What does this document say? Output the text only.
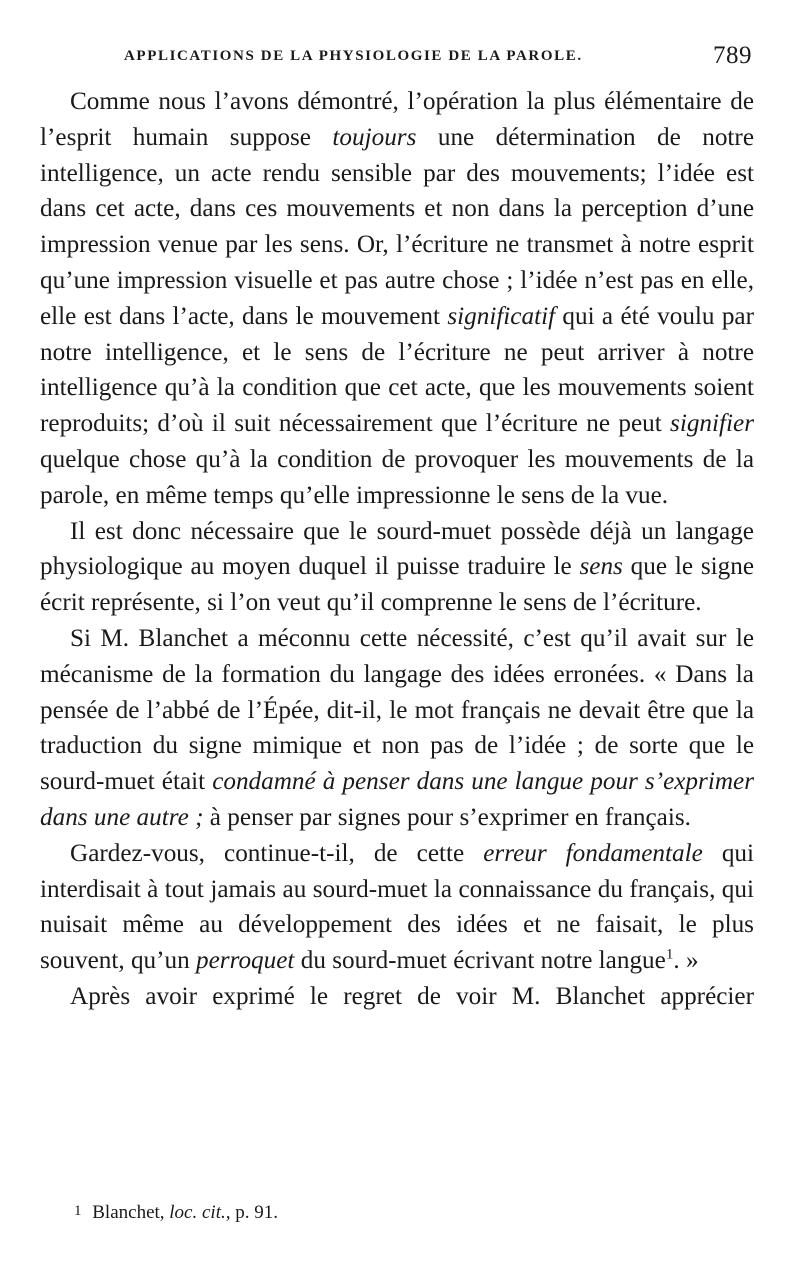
APPLICATIONS DE LA PHYSIOLOGIE DE LA PAROLE.	789

Comme nous l’avons démontré, l’opération la plus élémentaire de l’esprit humain suppose toujours une détermination de notre intelligence, un acte rendu sensible par des mouvements; l’idée est dans cet acte, dans ces mouvements et non dans la perception d’une impression venue par les sens. Or, l’écriture ne transmet à notre esprit qu’une impression visuelle et pas autre chose ; l’idée n’est pas en elle, elle est dans l’acte, dans le mouvement significatif qui a été voulu par notre intelligence, et le sens de l’écriture ne peut arriver à notre intelligence qu’à la condition que cet acte, que les mouvements soient reproduits; d’où il suit nécessairement que l’écriture ne peut signifier quelque chose qu’à la condition de provoquer les mouvements de la parole, en même temps qu’elle impressionne le sens de la vue.

Il est donc nécessaire que le sourd-muet possède déjà un langage physiologique au moyen duquel il puisse traduire le sens que le signe écrit représente, si l’on veut qu’il comprenne le sens de l’écriture.

Si M. Blanchet a méconnu cette nécessité, c’est qu’il avait sur le mécanisme de la formation du langage des idées erronées. « Dans la pensée de l’abbé de l’Épée, dit-il, le mot français ne devait être que la traduction du signe mimique et non pas de l’idée ; de sorte que le sourd-muet était condamné à penser dans une langue pour s’exprimer dans une autre ; à penser par signes pour s’exprimer en français.

Gardez-vous, continue-t-il, de cette erreur fondamentale qui interdisait à tout jamais au sourd-muet la connaissance du français, qui nuisait même au développement des idées et ne faisait, le plus souvent, qu’un perroquet du sourd-muet écrivant notre langue$^1$. »

Après avoir exprimé le regret de voir M. Blanchet apprécier

1 Blanchet, loc. cit., p. 91.
